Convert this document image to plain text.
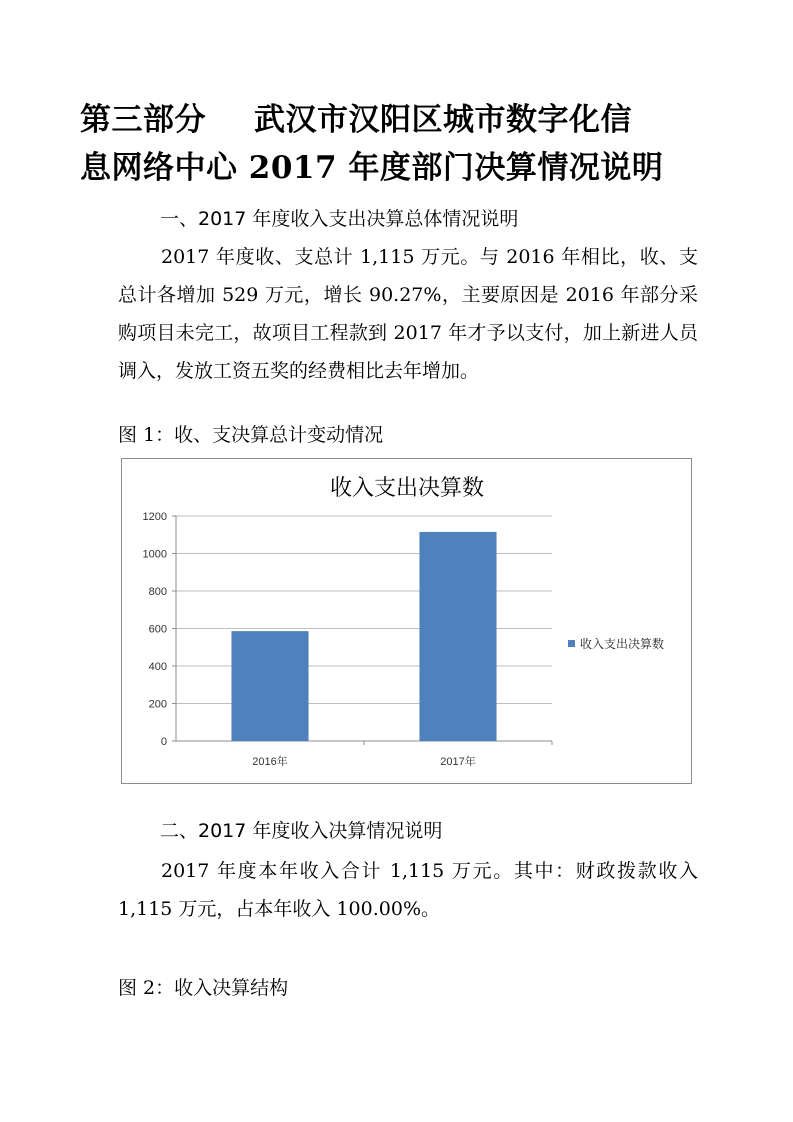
第三部分 武汉市汉阳区城市数字化信
息网络中心 2017 年度部门决算情况说明
一、2017 年度收入支出决算总体情况说明

2017 年度收、支总计 1,115 万元。与 2016 年相比，收、支总计各增加 529 万元，增长 90.27%，主要原因是 2016 年部分采购项目未完工，故项目工程款到 2017 年才予以支付，加上新进人员调入，发放工资五奖的经费相比去年增加。

图 1：收、支决算总计变动情况

收入支出决算数
0
200
400
600
800
1000
1200
2016年	2017年
收入支出决算数
二、2017 年度收入决算情况说明

2017 年度本年收入合计 1,115 万元。其中：财政拨款收入 1,115 万元，占本年收入 100.00%。

图 2：收入决算结构
